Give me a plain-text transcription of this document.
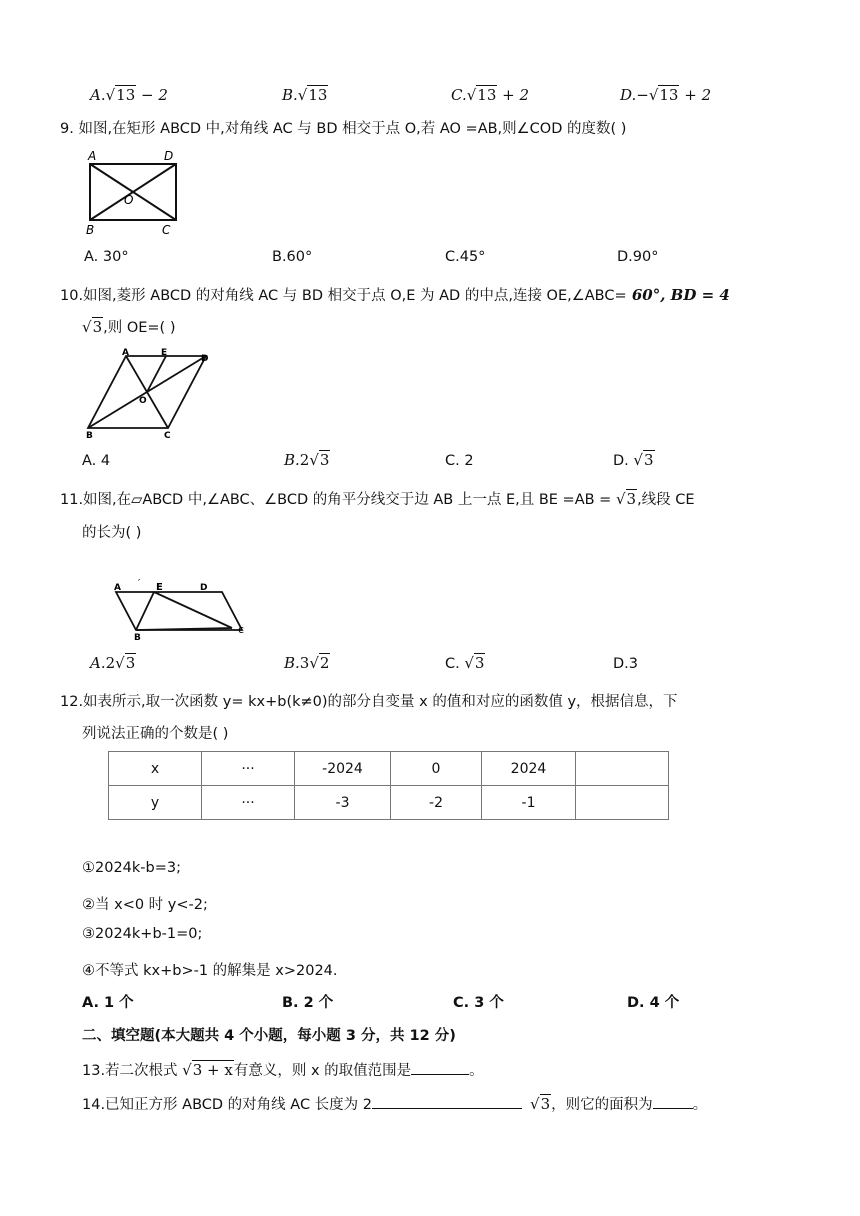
A.√13 − 2	B.√13	C.√13 + 2	D.−√13 + 2
9. 如图,在矩形 ABCD 中,对角线 AC 与 BD 相交于点 O,若 AO =AB,则∠COD 的度数( )
A	D
O
B	C
A. 30°	B.60°	C.45°	D.90°
10.如图,菱形 ABCD 的对角线 AC 与 BD 相交于点 O,E 为 AD 的中点,连接 OE,∠ABC= 60°, BD = 4
√3,则 OE=( )
A	E
D
O
B	C
A. 4	B.2√3	C. 2	D. √3
11.如图,在▱ABCD 中,∠ABC、∠BCD 的角平分线交于边 AB 上一点 E,且 BE =AB = √3,线段 CE
的长为( )
A ′ E	D
B
c
A.2√3	B.3√2	C. √3	D.3
12.如表所示,取一次函数 y= kx+b(k≠0)的部分自变量 x 的值和对应的函数值 y，根据信息，下
列说法正确的个数是( )
x	···	-2024	0	2024	
y	···	-3	-2	-1	
①2024k-b=3;
②当 x<0 时 y<-2;
③2024k+b-1=0;
④不等式 kx+b>-1 的解集是 x>2024.
A. 1 个	B. 2 个	C. 3 个	D. 4 个
二、填空题(本大题共 4 个小题，每小题 3 分，共 12 分)
13.若二次根式 √3 + x有意义，则 x 的取值范围是	。
14.已知正方形 ABCD 的对角线 AC 长度为 2	√3，则它的面积为	。
